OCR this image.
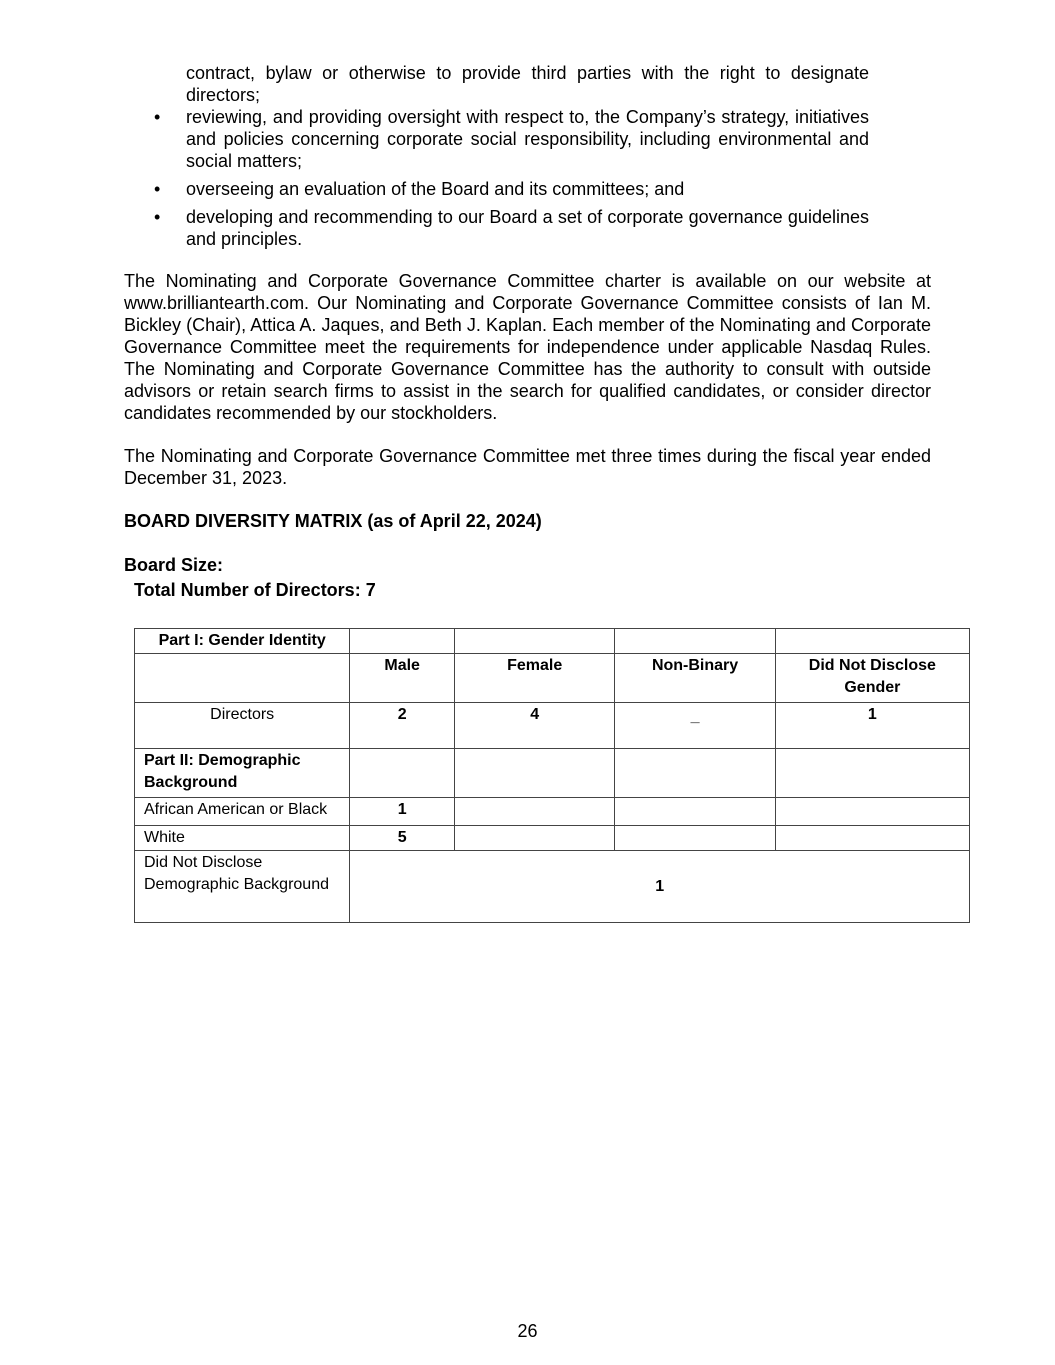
contract, bylaw or otherwise to provide third parties with the right to designate directors;

• reviewing, and providing oversight with respect to, the Company’s strategy, initiatives and policies concerning corporate social responsibility, including environmental and social matters;
• overseeing an evaluation of the Board and its committees; and
• developing and recommending to our Board a set of corporate governance guidelines and principles.

The Nominating and Corporate Governance Committee charter is available on our website at www.brilliantearth.com. Our Nominating and Corporate Governance Committee consists of Ian M. Bickley (Chair), Attica A. Jaques, and Beth J. Kaplan. Each member of the Nominating and Corporate Governance Committee meet the requirements for independence under applicable Nasdaq Rules. The Nominating and Corporate Governance Committee has the authority to consult with outside advisors or retain search firms to assist in the search for qualified candidates, or consider director candidates recommended by our stockholders.

The Nominating and Corporate Governance Committee met three times during the fiscal year ended December 31, 2023.

BOARD DIVERSITY MATRIX (as of April 22, 2024)

Board Size:

Total Number of Directors: 7

Part I: Gender Identity				
	Male	Female	Non-Binary	Did Not Disclose Gender
Directors	2	4	_	1
Part II: Demographic Background				
African American or Black	1			
White	5			
Did Not Disclose Demographic Background	1			

26
